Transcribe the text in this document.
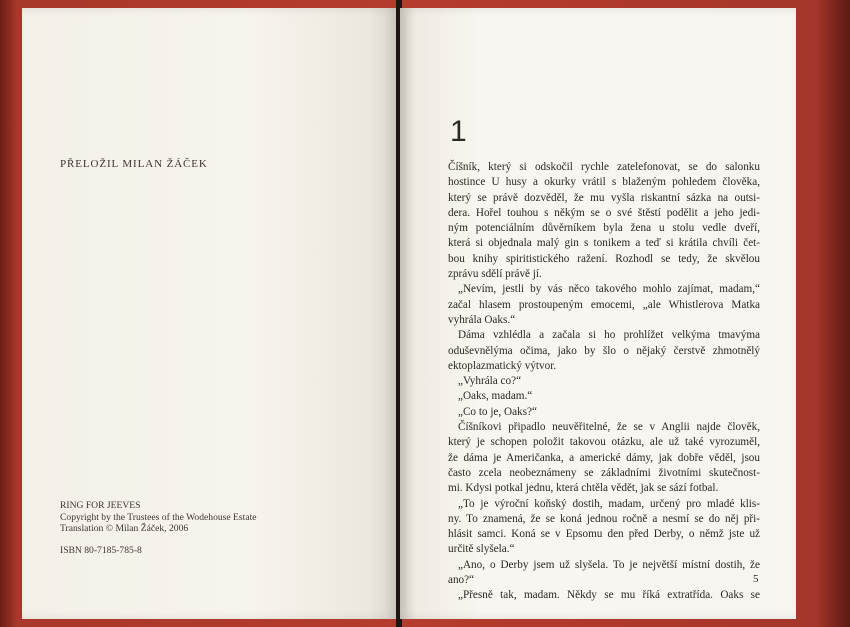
PŘELOŽIL MILAN ŽÁČEK
RING FOR JEEVES
Copyright by the Trustees of the Wodehouse Estate
Translation © Milan Žáček, 2006
ISBN 80-7185-785-8
1
Číšník, který si odskočil rychle zatelefonovat, se do salonku
hostince U husy a okurky vrátil s blaženým pohledem člověka,
který se právě dozvěděl, že mu vyšla riskantní sázka na outsi-
dera. Hořel touhou s někým se o své štěstí podělit a jeho jedi-
ným potenciálním důvěrníkem byla žena u stolu vedle dveří,
která si objednala malý gin s tonikem a teď si krátila chvíli čet-
bou knihy spiritistického ražení. Rozhodl se tedy, že skvělou
zprávu sdělí právě jí.
„Nevím, jestli by vás něco takového mohlo zajímat, madam,“
začal hlasem prostoupeným emocemi, „ale Whistlerova Matka
vyhrála Oaks.“
Dáma vzhlédla a začala si ho prohlížet velkýma tmavýma
oduševnělýma očima, jako by šlo o nějaký čerstvě zhmotnělý
ektoplazmatický výtvor.
„Vyhrála co?“
„Oaks, madam.“
„Co to je, Oaks?“
Číšníkovi připadlo neuvěřitelné, že se v Anglii najde člověk,
který je schopen položit takovou otázku, ale už také vyrozuměl,
že dáma je Američanka, a americké dámy, jak dobře věděl, jsou
často zcela neobeznámeny se základními životními skutečnost-
mi. Kdysi potkal jednu, která chtěla vědět, jak se sází fotbal.
„To je výroční koňský dostih, madam, určený pro mladé klis-
ny. To znamená, že se koná jednou ročně a nesmí se do něj při-
hlásit samci. Koná se v Epsomu den před Derby, o němž jste už
určitě slyšela.“
„Ano, o Derby jsem už slyšela. To je největší místní dostih, že
ano?“
„Přesně tak, madam. Někdy se mu říká extratřída. Oaks se
5
